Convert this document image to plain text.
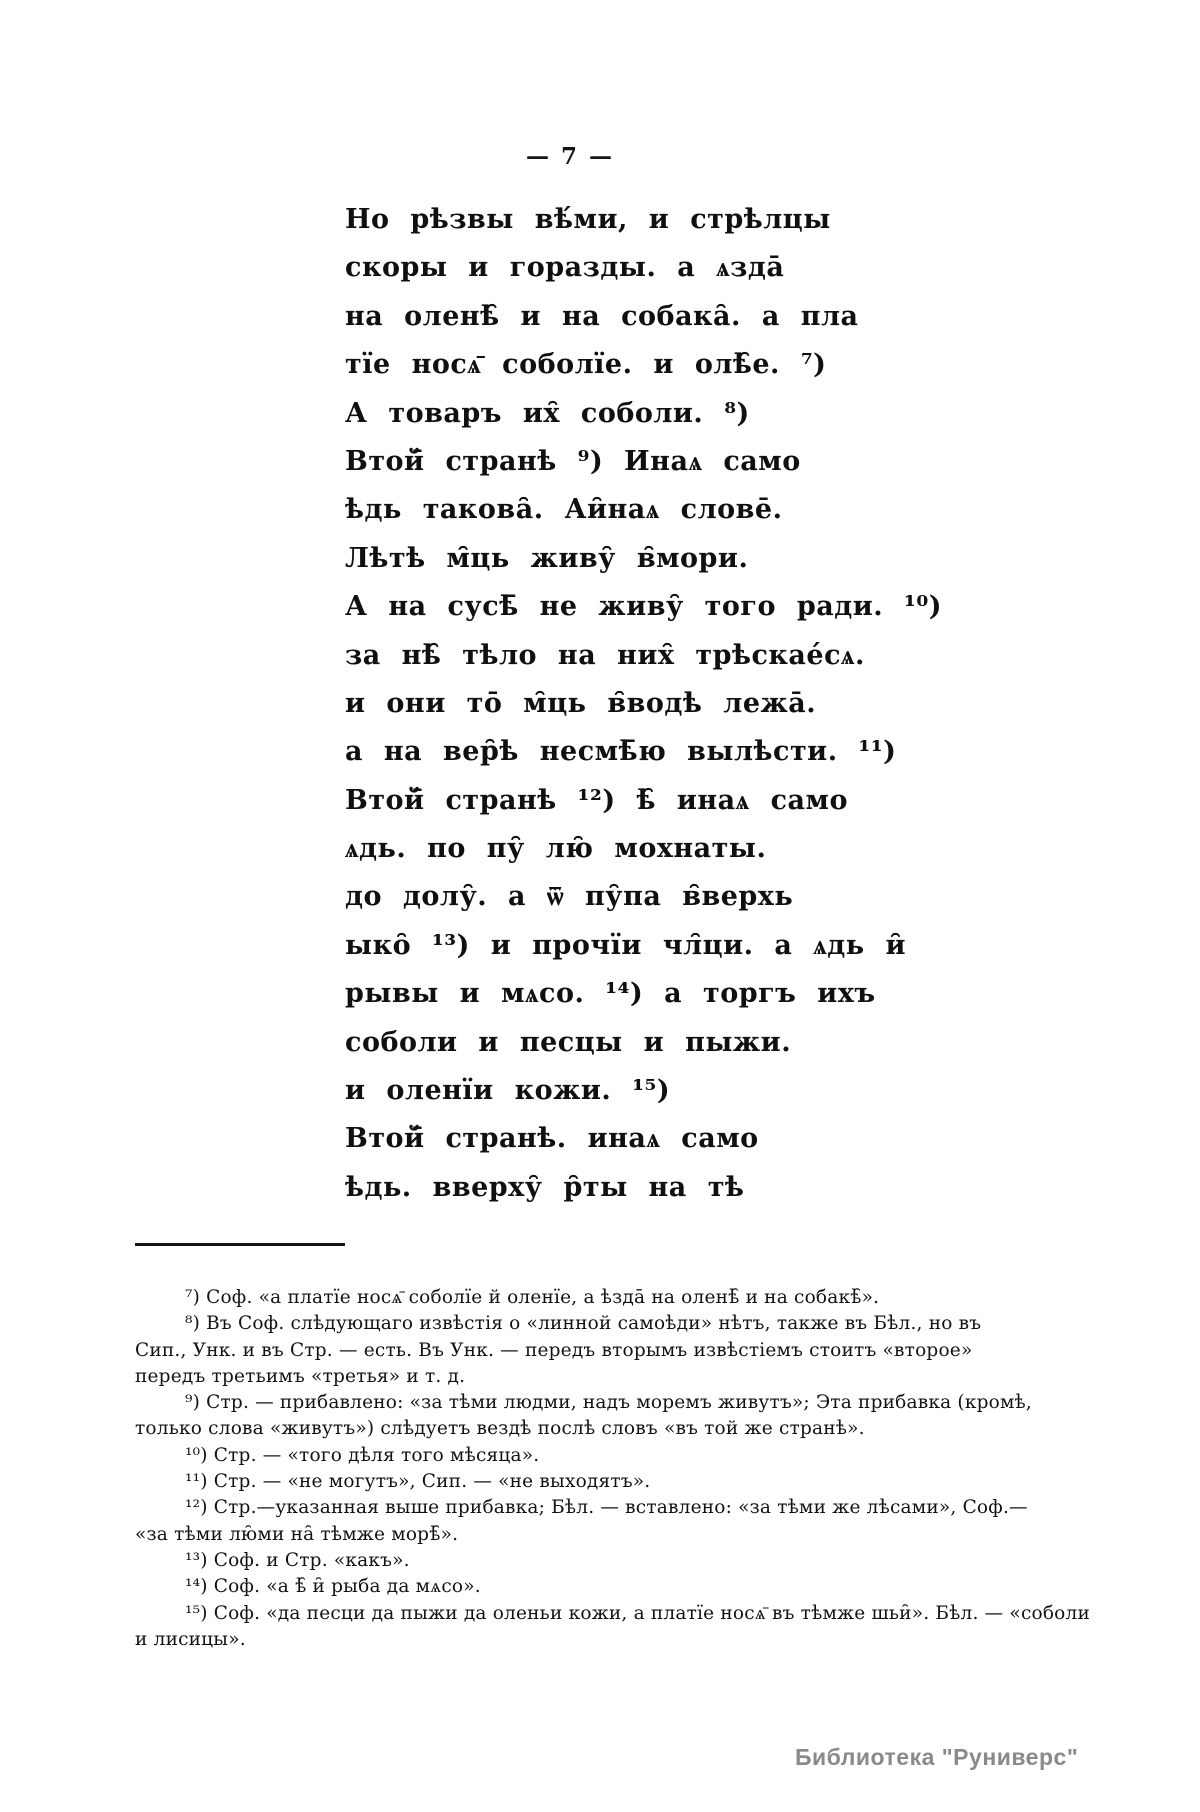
— 7 —
Но рѣзвы вѣ́ми, и стрѣлцы
скоры и горазды. а ѧзда̄
на оленѣ̑ и на собака̑. а пла
тїе носѧ̄ соболїе. и олѣ̑е. ⁷)
А товаръ их̑ соболи. ⁸)
Втой̄ странѣ ⁹) Инаѧ само
ѣдь такова̑. Аи̑наѧ слове̄.
Лѣтѣ м̑ць живу̑ в̑мори.
А на сусѣ̄ не живу̑ того ради. ¹⁰)
за нѣ̑ тѣло на них̑ трѣскае́сѧ.
и они то̄ м̑ць в̑водѣ лежа̄.
а на вер̑ѣ несмѣ̄ю вылѣсти. ¹¹)
Втой̄ странѣ ¹²) ѣ̑ инаѧ само
ѧдь. по пу̑ лю̑ мохнаты.
до долу̑. а ѿ пу̑па в̑верхь
ыко̑ ¹³) и прочїи чл̑ци. а ѧдь и̑
рывы и мѧсо. ¹⁴) а торгъ ихъ
соболи и песцы и пыжи.
и оленїи кожи. ¹⁵)
Втой̄ странѣ. инаѧ само
ѣдь. вверху̑ р̑ты на тѣ
⁷) Соф. «а платїе носѧ̄ соболїе й оленїе, а ѣзда̄ на оленѣ̑ и на собакѣ̑».
⁸) Въ Соф. слѣдующаго извѣстія о «линной самоѣди» нѣтъ, также въ Бѣл., но въ
Сип., Унк. и въ Стр. — есть. Въ Унк. — передъ вторымъ извѣстіемъ стоитъ «второе»
передъ третьимъ «третья» и т. д.
⁹) Стр. — прибавлено: «за тѣми людми, надъ моремъ живутъ»; Эта прибавка (кромѣ,
только слова «живутъ») слѣдуетъ вездѣ послѣ словъ «въ той же странѣ».
¹⁰) Стр. — «того дѣля того мѣсяца».
¹¹) Стр. — «не могутъ», Сип. — «не выходятъ».
¹²) Стр.—указанная выше прибавка; Бѣл. — вставлено: «за тѣми же лѣсами», Соф.—
«за тѣми лю̑ми на̑ тѣмже морѣ̑».
¹³) Соф. и Стр. «какъ».
¹⁴) Соф. «а ѣ̑ и̑ рыба да мѧсо».
¹⁵) Соф. «да песци да пыжи да оленьи кожи, а платїе носѧ̄ въ тѣмже шьи̑». Бѣл. — «соболи
и лисицы».
Библиотека "Руниверс"
